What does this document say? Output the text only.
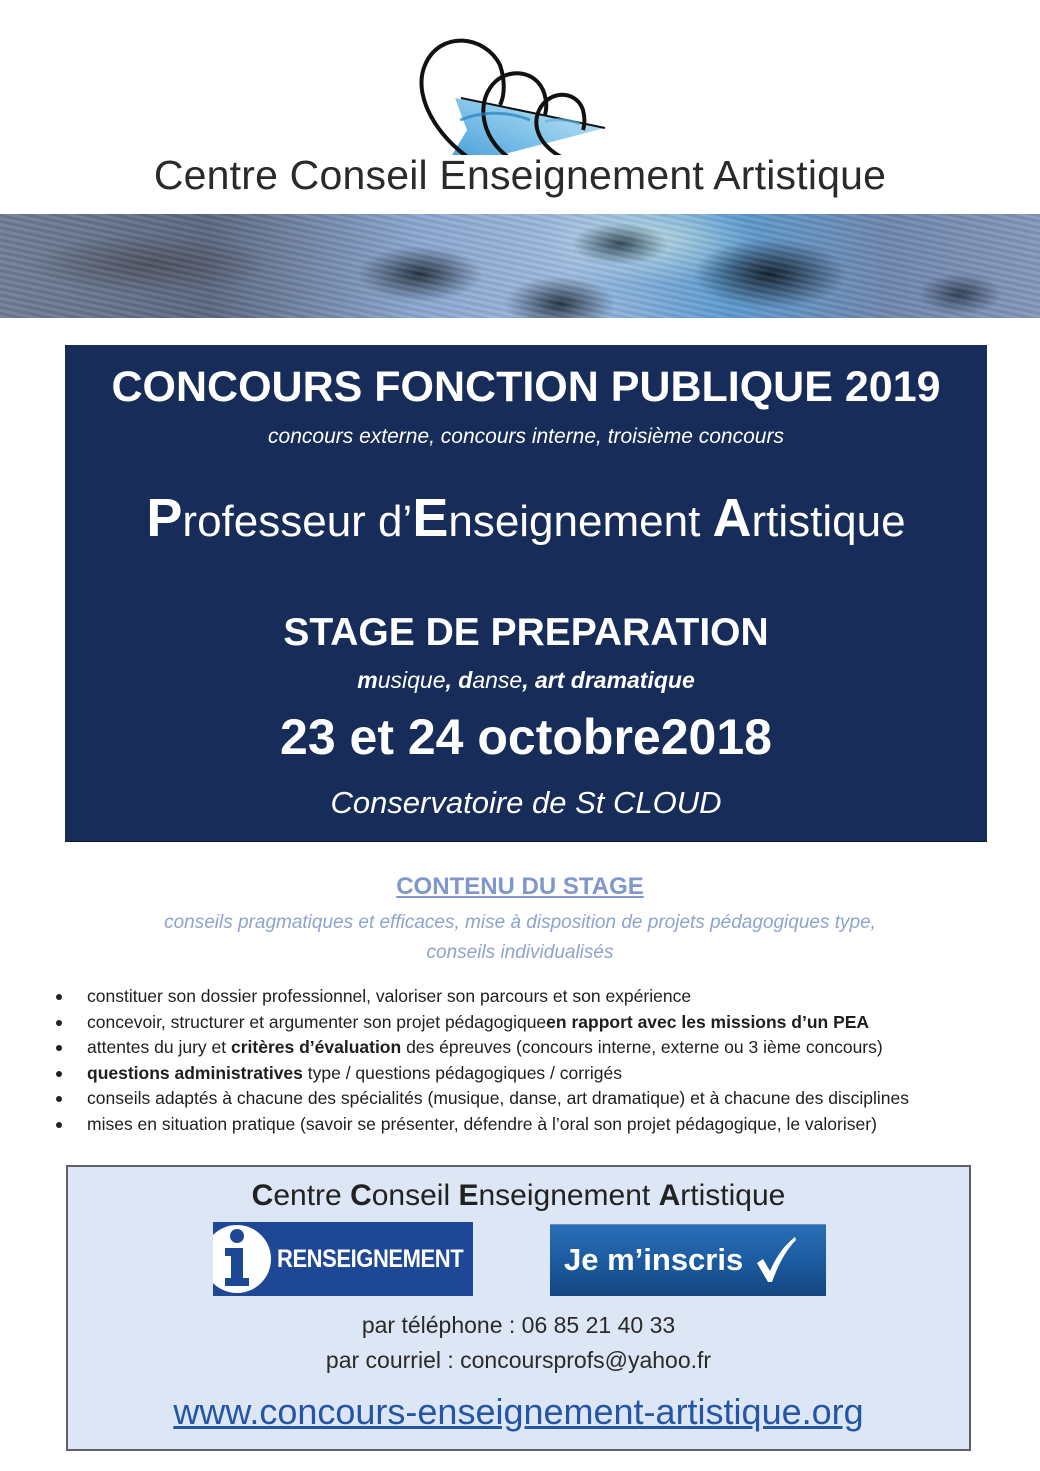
Centre Conseil Enseignement Artistique
CONCOURS FONCTION PUBLIQUE 2019
concours externe, concours interne, troisième concours
Professeur d’Enseignement Artistique
STAGE DE PREPARATION
musique, danse, art dramatique
23 et 24 octobre2018
Conservatoire de St CLOUD
CONTENU DU STAGE
conseils pragmatiques et efficaces, mise à disposition de projets pédagogiques type,
conseils individualisés
constituer son dossier professionnel, valoriser son parcours et son expérience
concevoir, structurer et argumenter son projet pédagogiqueen rapport avec les missions d’un PEA
attentes du jury et critères d’évaluation des épreuves (concours interne, externe ou 3 ième concours)
questions administratives type / questions pédagogiques / corrigés
conseils adaptés à chacune des spécialités (musique, danse, art dramatique) et à chacune des disciplines
mises en situation pratique (savoir se présenter, défendre à l’oral son projet pédagogique, le valoriser)
Centre Conseil Enseignement Artistique
RENSEIGNEMENT	Je m’inscris
par téléphone : 06 85 21 40 33
par courriel : concoursprofs@yahoo.fr
www.concours-enseignement-artistique.org
